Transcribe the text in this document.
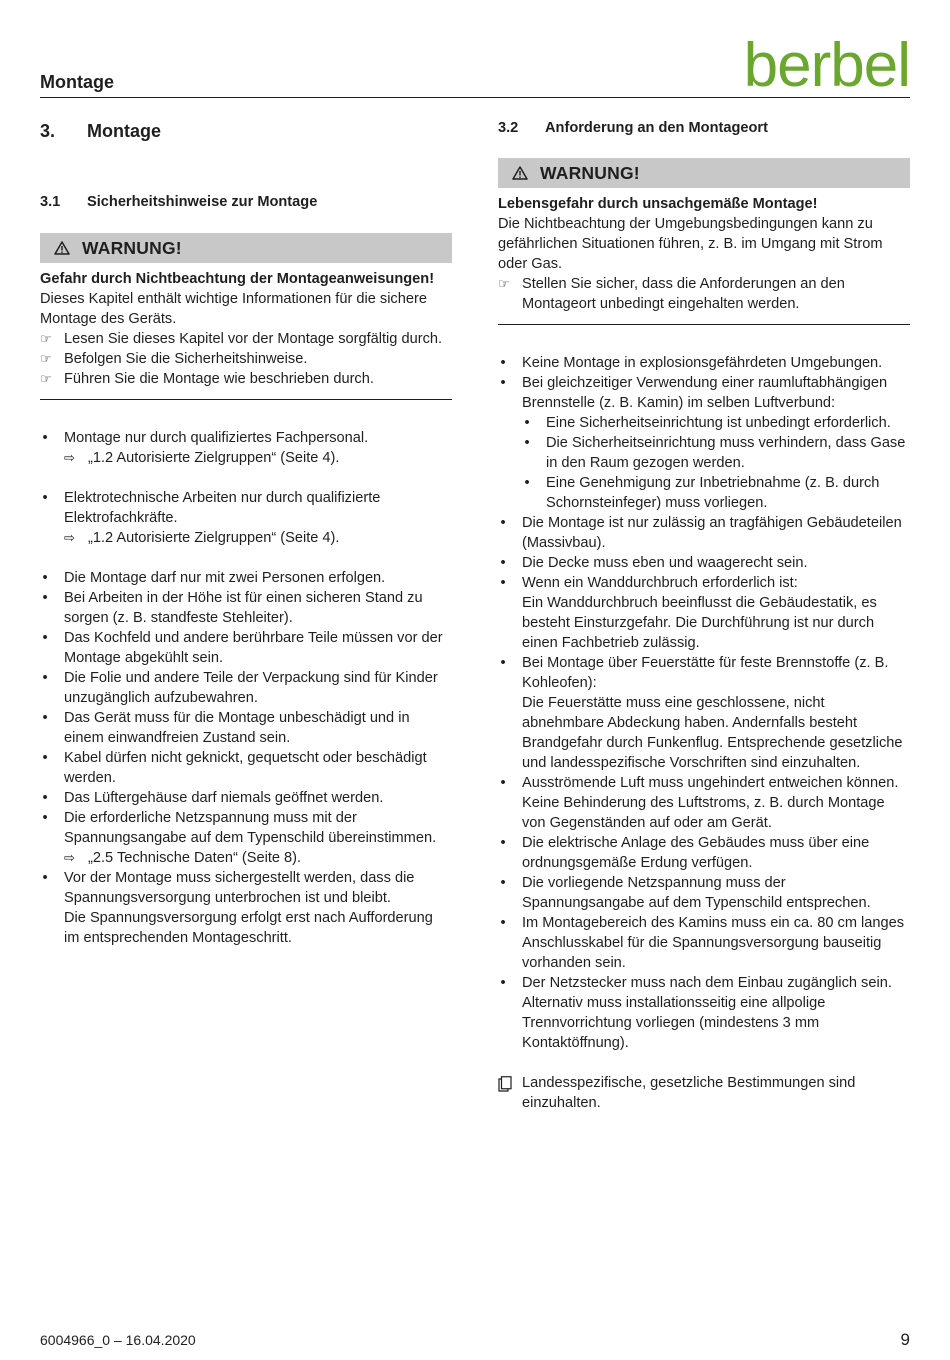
Montage	berbel
3.	Montage
3.1	Sicherheitshinweise zur Montage
WARNUNG!
Gefahr durch Nichtbeachtung der Montageanweisungen!
Dieses Kapitel enthält wichtige Informationen für die sichere Montage des Geräts.
☞ Lesen Sie dieses Kapitel vor der Montage sorgfältig durch.
☞ Befolgen Sie die Sicherheitshinweise.
☞ Führen Sie die Montage wie beschrieben durch.
• Montage nur durch qualifiziertes Fachpersonal.
⇨ „1.2 Autorisierte Zielgruppen“ (Seite 4).
• Elektrotechnische Arbeiten nur durch qualifizierte Elektrofachkräfte.
⇨ „1.2 Autorisierte Zielgruppen“ (Seite 4).
• Die Montage darf nur mit zwei Personen erfolgen.
• Bei Arbeiten in der Höhe ist für einen sicheren Stand zu sorgen (z. B. standfeste Stehleiter).
• Das Kochfeld und andere berührbare Teile müssen vor der Montage abgekühlt sein.
• Die Folie und andere Teile der Verpackung sind für Kinder unzugänglich aufzubewahren.
• Das Gerät muss für die Montage unbeschädigt und in einem einwandfreien Zustand sein.
• Kabel dürfen nicht geknickt, gequetscht oder beschädigt werden.
• Das Lüftergehäuse darf niemals geöffnet werden.
• Die erforderliche Netzspannung muss mit der Spannungsangabe auf dem Typenschild übereinstimmen.
⇨ „2.5 Technische Daten“ (Seite 8).
• Vor der Montage muss sichergestellt werden, dass die Spannungsversorgung unterbrochen ist und bleibt.
Die Spannungsversorgung erfolgt erst nach Aufforderung im entsprechenden Montageschritt.
3.2	Anforderung an den Montageort
WARNUNG!
Lebensgefahr durch unsachgemäße Montage!
Die Nichtbeachtung der Umgebungsbedingungen kann zu gefährlichen Situationen führen, z. B. im Umgang mit Strom oder Gas.
☞ Stellen Sie sicher, dass die Anforderungen an den Montageort unbedingt eingehalten werden.
• Keine Montage in explosionsgefährdeten Umgebungen.
• Bei gleichzeitiger Verwendung einer raumluftabhängigen Brennstelle (z. B. Kamin) im selben Luftverbund:
• Eine Sicherheitseinrichtung ist unbedingt erforderlich.
• Die Sicherheitseinrichtung muss verhindern, dass Gase in den Raum gezogen werden.
• Eine Genehmigung zur Inbetriebnahme (z. B. durch Schornsteinfeger) muss vorliegen.
• Die Montage ist nur zulässig an tragfähigen Gebäudeteilen (Massivbau).
• Die Decke muss eben und waagerecht sein.
• Wenn ein Wanddurchbruch erforderlich ist:
Ein Wanddurchbruch beeinflusst die Gebäudestatik, es besteht Einsturzgefahr. Die Durchführung ist nur durch einen Fachbetrieb zulässig.
• Bei Montage über Feuerstätte für feste Brennstoffe (z. B. Kohleofen):
Die Feuerstätte muss eine geschlossene, nicht abnehmbare Abdeckung haben. Andernfalls besteht Brandgefahr durch Funkenflug. Entsprechende gesetzliche und landesspezifische Vorschriften sind einzuhalten.
• Ausströmende Luft muss ungehindert entweichen können. Keine Behinderung des Luftstroms, z. B. durch Montage von Gegenständen auf oder am Gerät.
• Die elektrische Anlage des Gebäudes muss über eine ordnungsgemäße Erdung verfügen.
• Die vorliegende Netzspannung muss der Spannungsangabe auf dem Typenschild entsprechen.
• Im Montagebereich des Kamins muss ein ca. 80 cm langes Anschlusskabel für die Spannungsversorgung bauseitig vorhanden sein.
• Der Netzstecker muss nach dem Einbau zugänglich sein. Alternativ muss installationsseitig eine allpolige Trennvorrichtung vorliegen (mindestens 3 mm Kontaktöffnung).
Landesspezifische, gesetzliche Bestimmungen sind einzuhalten.
6004966_0 – 16.04.2020	9
